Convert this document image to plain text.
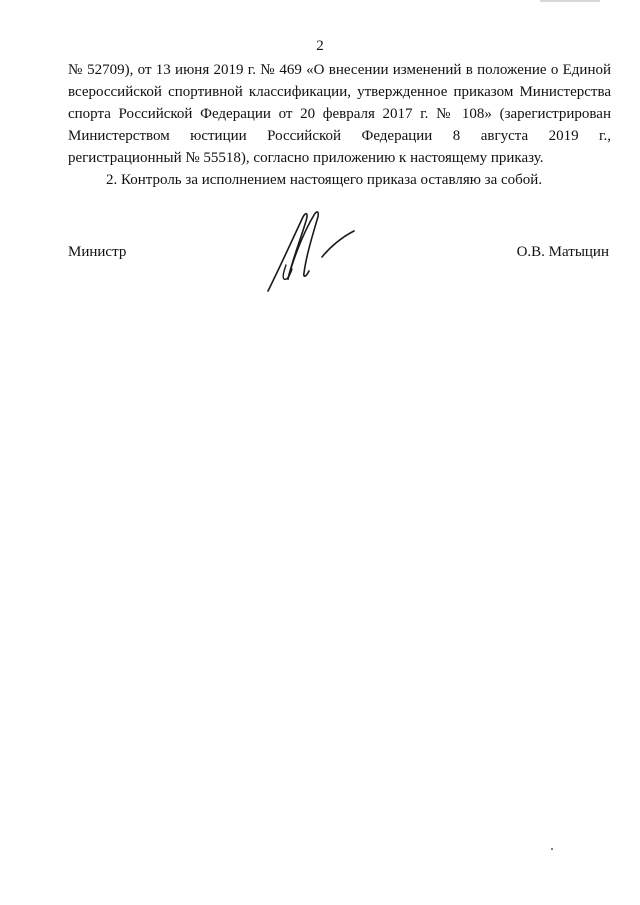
2

№ 52709), от 13 июня 2019 г. № 469 «О внесении изменений в положение о Единой всероссийской спортивной классификации, утвержденное приказом Министерства спорта Российской Федерации от 20 февраля 2017 г. № 108» (зарегистрирован Министерством юстиции Российской Федерации 8 августа 2019 г., регистрационный № 55518), согласно приложению к настоящему приказу.

2. Контроль за исполнением настоящего приказа оставляю за собой.

Министр	О.В. Матыцин
